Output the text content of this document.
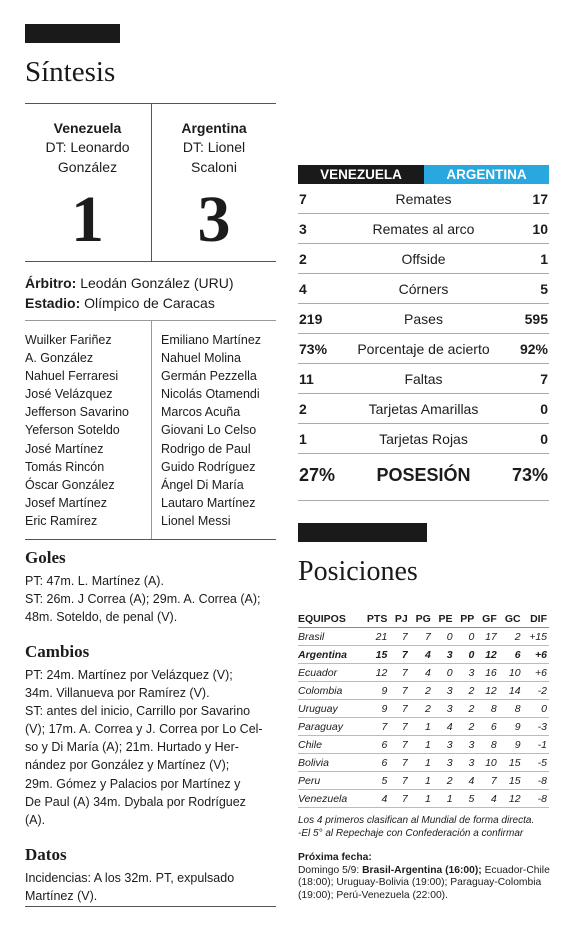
Síntesis
Venezuela
DT: Leonardo
González
1
Argentina
DT: Lionel
Scaloni
3
Árbitro: Leodán González (URU)
Estadio: Olímpico de Caracas
Wuilker Fariñez
A. González
Nahuel Ferraresi
José Velázquez
Jefferson Savarino
Yeferson Soteldo
José Martínez
Tomás Rincón
Óscar González
Josef Martínez
Eric Ramírez
Emiliano Martínez
Nahuel Molina
Germán Pezzella
Nicolás Otamendi
Marcos Acuña
Giovani Lo Celso
Rodrigo de Paul
Guido Rodríguez
Ángel Di María
Lautaro Martínez
Lionel Messi
Goles
PT: 47m. L. Martínez (A).
ST: 26m. J Correa (A); 29m. A. Correa (A);
48m. Soteldo, de penal (V).
Cambios
PT: 24m. Martínez por Velázquez (V);
34m. Villanueva por Ramírez (V).
ST: antes del inicio, Carrillo por Savarino
(V); 17m. A. Correa y J. Correa por Lo Cel-
so y Di María (A); 21m. Hurtado y Her-
nández por González y Martínez (V);
29m. Gómez y Palacios por Martínez y
De Paul (A) 34m. Dybala por Rodríguez
(A).
Datos
Incidencias: A los 32m. PT, expulsado
Martínez (V).
VENEZUELA	ARGENTINA
7	Remates	17
3	Remates al arco	10
2	Offside	1
4	Córners	5
219	Pases	595
73%	Porcentaje de acierto	92%
11	Faltas	7
2	Tarjetas Amarillas	0
1	Tarjetas Rojas	0
27%	POSESIÓN	73%
Posiciones
EQUIPOS	PTS	PJ	PG	PE	PP	GF	GC	DIF
Brasil	21	7	7	0	0	17	2	+15
Argentina	15	7	4	3	0	12	6	+6
Ecuador	12	7	4	0	3	16	10	+6
Colombia	9	7	2	3	2	12	14	-2
Uruguay	9	7	2	3	2	8	8	0
Paraguay	7	7	1	4	2	6	9	-3
Chile	6	7	1	3	3	8	9	-1
Bolivia	6	7	1	3	3	10	15	-5
Peru	5	7	1	2	4	7	15	-8
Venezuela	4	7	1	1	5	4	12	-8
Los 4 primeros clasifican al Mundial de forma directa.
-El 5° al Repechaje con Confederación a confirmar
Próxima fecha:
Domingo 5/9: Brasil-Argentina (16:00); Ecuador-Chile (18:00); Uruguay-Bolivia (19:00); Paraguay-Colombia (19:00); Perú-Venezuela (22:00).
